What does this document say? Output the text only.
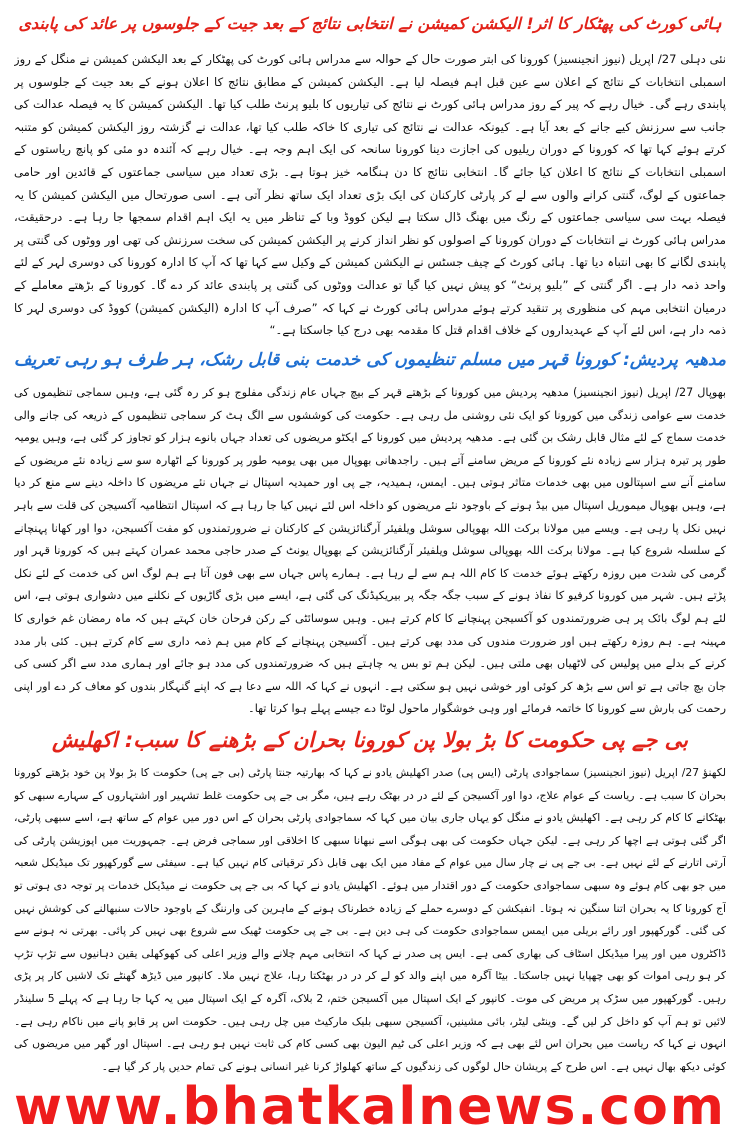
ہائی کورٹ کی پھٹکار کا اثر! الیکشن کمیشن نے انتخابی نتائج کے بعد جیت کے جلوسوں پر عائد کی پابندی

نئی دہلی 27/ اپریل (نیوز انجینسیز) کورونا کی ابتر صورت حال کے حوالہ سے مدراس ہائی کورٹ کی پھٹکار کے بعد الیکشن کمیشن نے منگل کے روز اسمبلی انتخابات کے نتائج کے اعلان سے عین قبل اہم فیصلہ لیا ہے۔ الیکشن کمیشن کے مطابق نتائج کا اعلان ہونے کے بعد جیت کے جلوسوں پر پابندی رہے گی۔ خیال رہے کہ پیر کے روز مدراس ہائی کورٹ نے نتائج کی تیاریوں کا بلیو پرنٹ طلب کیا تھا۔ الیکشن کمیشن کا یہ فیصلہ عدالت کی جانب سے سرزنش کیے جانے کے بعد آیا ہے۔ کیونکہ عدالت نے نتائج کی تیاری کا خاکہ طلب کیا تھا، عدالت نے گزشتہ روز الیکشن کمیشن کو متنبہ کرتے ہوئے کہا تھا کہ کورونا کے دوران ریلیوں کی اجازت دینا کورونا سانحہ کی ایک اہم وجہ ہے۔ خیال رہے کہ آئندہ دو مئی کو پانچ ریاستوں کے اسمبلی انتخابات کے نتائج کا اعلان کیا جائے گا۔ انتخابی نتائج کا دن ہنگامہ خیز ہوتا ہے۔ بڑی تعداد میں سیاسی جماعتوں کے قائدین اور حامی جماعتوں کے لوگ، گنتی کرانے والوں سے لے کر پارٹی کارکنان کی ایک بڑی تعداد ایک ساتھ نظر آتی ہے۔ اسی صورتحال میں الیکشن کمیشن کا یہ فیصلہ بہت سی سیاسی جماعتوں کے رنگ میں بھنگ ڈال سکتا ہے لیکن کووڈ وبا کے تناظر میں یہ ایک اہم اقدام سمجھا جا رہا ہے۔ درحقیقت، مدراس ہائی کورٹ نے انتخابات کے دوران کورونا کے اصولوں کو نظر انداز کرنے پر الیکشن کمیشن کی سخت سرزنش کی تھی اور ووٹوں کی گنتی پر پابندی لگانے کا بھی انتباہ دیا تھا۔ ہائی کورٹ کے چیف جسٹس نے الیکشن کمیشن کے وکیل سے کہا تھا کہ آپ کا ادارہ کورونا کی دوسری لہر کے لئے واحد ذمہ دار ہے۔ اگر گنتی کے ”بلیو پرنٹ“ کو پیش نہیں کیا گیا تو عدالت ووٹوں کی گنتی پر پابندی عائد کر دے گا۔ کورونا کے بڑھتے معاملے کے درمیان انتخابی مہم کی منظوری پر تنقید کرتے ہوئے مدراس ہائی کورٹ نے کہا کہ ”صرف آپ کا ادارہ (الیکشن کمیشن) کووڈ کی دوسری لہر کا ذمہ دار ہے، اس لئے آپ کے عہدیداروں کے خلاف اقدام قتل کا مقدمہ بھی درج کیا جاسکتا ہے۔“

مدھیہ پردیش: کورونا قہر میں مسلم تنظیموں کی خدمت بنی قابل رشک، ہر طرف ہو رہی تعریف

بھوپال 27/ اپریل (نیوز انجینسیز) مدھیہ پردیش میں کورونا کے بڑھتے قہر کے بیچ جہاں عام زندگی مفلوج ہو کر رہ گئی ہے، وہیں سماجی تنظیموں کی خدمت سے عوامی زندگی میں کورونا کو ایک نئی روشنی مل رہی ہے۔ حکومت کی کوششوں سے الگ ہٹ کر سماجی تنظیموں کے ذریعہ کی جانے والی خدمت سماج کے لئے مثال قابل رشک بن گئی ہے۔ مدھیہ پردیش میں کورونا کے ایکٹو مریضوں کی تعداد جہاں بانوے ہزار کو تجاوز کر گئی ہے، وہیں یومیہ طور پر تیرہ ہزار سے زیادہ نئے کورونا کے مریض سامنے آتے ہیں۔ راجدھانی بھوپال میں بھی یومیہ طور پر کورونا کے اٹھارہ سو سے زیادہ نئے مریضوں کے سامنے آنے سے اسپتالوں میں بھی خدمات متاثر ہوتی ہیں۔ ایمس، ہمیدیہ، جے پی اور حمیدیہ اسپتال نے جہاں نئے مریضوں کا داخلہ دینے سے منع کر دیا ہے، وہیں بھوپال میموریل اسپتال میں بیڈ ہونے کے باوجود نئے مریضوں کو داخلہ اس لئے نہیں کیا جا رہا ہے کہ اسپتال انتظامیہ آکسیجن کی قلت سے باہر نہیں نکل پا رہی ہے۔ ویسے میں مولانا برکت اللہ بھوپالی سوشل ویلفیئر آرگنائزیشن کے کارکنان نے ضرورتمندوں کو مفت آکسیجن، دوا اور کھانا پہنچانے کے سلسلہ شروع کیا ہے۔ مولانا برکت اللہ بھوپالی سوشل ویلفیئر آرگنائزیشن کے بھوپال یونٹ کے صدر حاجی محمد عمران کہتے ہیں کہ کورونا قہر اور گرمی کی شدت میں روزہ رکھتے ہوئے خدمت کا کام اللہ ہم سے لے رہا ہے۔ ہمارے پاس جہاں سے بھی فون آتا ہے ہم لوگ اس کی خدمت کے لئے نکل پڑتے ہیں۔ شہر میں کورونا کرفیو کا نفاذ ہونے کے سبب جگہ جگہ پر بیریکیڈنگ کی گئی ہے، ایسے میں بڑی گاڑیوں کے نکلنے میں دشواری ہوتی ہے، اس لئے ہم لوگ بائک پر ہی ضرورتمندوں کو آکسیجن پہنچانے کا کام کرتے ہیں۔ وہیں سوسائٹی کے رکن فرحان خان کہتے ہیں کہ ماہ رمضان غم خواری کا مہینہ ہے۔ ہم روزہ رکھتے ہیں اور ضرورت مندوں کی مدد بھی کرتے ہیں۔ آکسیجن پہنچانے کے کام میں ہم ذمہ داری سے کام کرتے ہیں۔ کئی بار مدد کرنے کے بدلے میں پولیس کی لاٹھیاں بھی ملتی ہیں۔ لیکن ہم تو بس یہ چاہتے ہیں کہ ضرورتمندوں کی مدد ہو جائے اور ہماری مدد سے اگر کسی کی جان بچ جاتی ہے تو اس سے بڑھ کر کوئی اور خوشی نہیں ہو سکتی ہے۔ انہوں نے کہا کہ اللہ سے دعا ہے کہ اپنے گنہگار بندوں کو معاف کر دے اور اپنی رحمت کی بارش سے کورونا کا خاتمہ فرمائے اور وہی خوشگوار ماحول لوٹا دے جیسے پہلے ہوا کرتا تھا۔

بی جے پی حکومت کا بڑ بولا پن کورونا بحران کے بڑھنے کا سبب: اکھلیش

لکھنؤ 27/ اپریل (نیوز انجینسیز) سماجوادی پارٹی (ایس پی) صدر اکھلیش یادو نے کہا کہ بھارتیہ جنتا پارٹی (بی جے پی) حکومت کا بڑ بولا پن خود بڑھتے کورونا بحران کا سبب ہے۔ ریاست کے عوام علاج، دوا اور آکسیجن کے لئے در در بھٹک رہے ہیں، مگر بی جے پی حکومت غلط تشہیر اور اشتہاروں کے سہارے سبھی کو بھٹکانے کا کام کر رہی ہے۔ اکھلیش یادو نے منگل کو یہاں جاری بیان میں کہا کہ سماجوادی پارٹی بحران کے اس دور میں عوام کے ساتھ ہے، اسے سبھی پارٹی، اگر گئی ہوتی ہے اچھا کر رہی ہے۔ لیکن جہاں حکومت کی بھی ہوگی اسے نبھانا سبھی کا اخلاقی اور سماجی فرض ہے۔ جمہوریت میں اپوزیشن پارٹی کی آرتی اتارنے کے لئے نہیں ہے۔ بی جے پی نے چار سال میں عوام کے مفاد میں ایک بھی قابل ذکر ترقیاتی کام نہیں کیا ہے۔ سیفئی سے گورکھپور تک میڈیکل شعبہ میں جو بھی کام ہوئے وہ سبھی سماجوادی حکومت کے دور اقتدار میں ہوئے۔ اکھلیش یادو نے کہا کہ بی جے پی حکومت نے میڈیکل خدمات پر توجہ دی ہوتی تو آج کورونا کا یہ بحران اتنا سنگین نہ ہوتا۔ انفیکشن کے دوسرے حملے کے زیادہ خطرناک ہونے کے ماہرین کی وارننگ کے باوجود حالات سنبھالنے کی کوشش نہیں کی گئی۔ گورکھپور اور رائے بریلی میں ایمس سماجوادی حکومت کی ہی دین ہے۔ بی جے پی حکومت ٹھیک سے شروع بھی نہیں کر پائی۔ بھرتی نہ ہونے سے ڈاکٹروں میں اور پیرا میڈیکل اسٹاف کی بھاری کمی ہے۔ ایس پی صدر نے کہا کہ انتخابی مہم چلانے والے وزیر اعلی کی کھوکھلی یقین دہانیوں سے تڑپ تڑپ کر ہو رہی اموات کو بھی چھپایا نہیں جاسکتا۔ بیٹا آگرہ میں اپنے والد کو لے کر در در بھٹکتا رہا، علاج نہیں ملا۔ کانپور میں ڈیڑھ گھنٹے تک لاشیں کار پر پڑی رہیں۔ گورکھپور میں سڑک پر مریض کی موت۔ کانپور کے ایک اسپتال میں آکسیجن ختم، 2 بلاک، آگرہ کے ایک اسپتال میں یہ کہا جا رہا ہے کہ پہلے 5 سلینڈر لائیں تو ہم آپ کو داخل کر لیں گے۔ وینٹی لیٹر، بائی مشینیں، آکسیجن سبھی بلیک مارکیٹ میں چل رہی ہیں۔ حکومت اس پر قابو پانے میں ناکام رہی ہے۔ انہوں نے کہا کہ ریاست میں بحران اس لئے بھی ہے کہ وزیر اعلی کی ٹیم الیون بھی کسی کام کی ثابت نہیں ہو رہی ہے۔ اسپتال اور گھر میں مریضوں کی کوئی دیکھ بھال نہیں ہے۔ اس طرح کے پریشان حال لوگوں کی زندگیوں کے ساتھ کھلواڑ کرنا غیر انسانی ہونے کی تمام حدیں پار کر گیا ہے۔

www.bhatkalnews.com
